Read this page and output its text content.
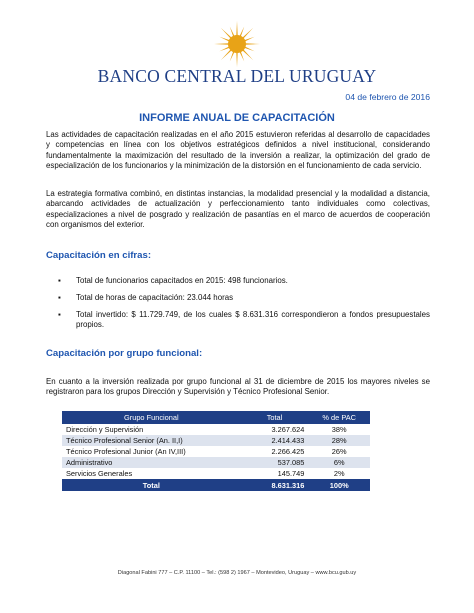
BANCO CENTRAL DEL URUGUAY
04 de febrero de 2016
INFORME ANUAL DE CAPACITACIÓN

Las actividades de capacitación realizadas en el año 2015 estuvieron referidas al desarrollo de capacidades y competencias en línea con los objetivos estratégicos definidos a nivel institucional, considerando fundamentalmente la maximización del resultado de la inversión a realizar, la optimización del grado de especialización de los funcionarios y la minimización de la distorsión en el funcionamiento de cada servicio.

La estrategia formativa combinó, en distintas instancias, la modalidad presencial y la modalidad a distancia, abarcando actividades de actualización y perfeccionamiento tanto individuales como colectivas, especializaciones a nivel de posgrado y realización de pasantías en el marco de acuerdos de cooperación con organismos del exterior.

Capacitación en cifras:
▪ Total de funcionarios capacitados en 2015: 498 funcionarios.
▪ Total de horas de capacitación: 23.044 horas
▪ Total invertido: $ 11.729.749, de los cuales $ 8.631.316 correspondieron a fondos presupuestales propios.
Capacitación por grupo funcional:

En cuanto a la inversión realizada por grupo funcional al 31 de diciembre de 2015 los mayores niveles se registraron para los grupos Dirección y Supervisión y Técnico Profesional Senior.

Grupo Funcional	Total	% de PAC
Dirección y Supervisión	3.267.624	38%
Técnico Profesional Senior (An. II,I)	2.414.433	28%
Técnico Profesional Junior (An IV,III)	2.266.425	26%
Administrativo	537.085	6%
Servicios Generales	145.749	2%
Total	8.631.316	100%
Diagonal Fabini 777 – C.P. 11100 – Tel.: (598 2) 1967 – Montevideo, Uruguay – www.bcu.gub.uy
